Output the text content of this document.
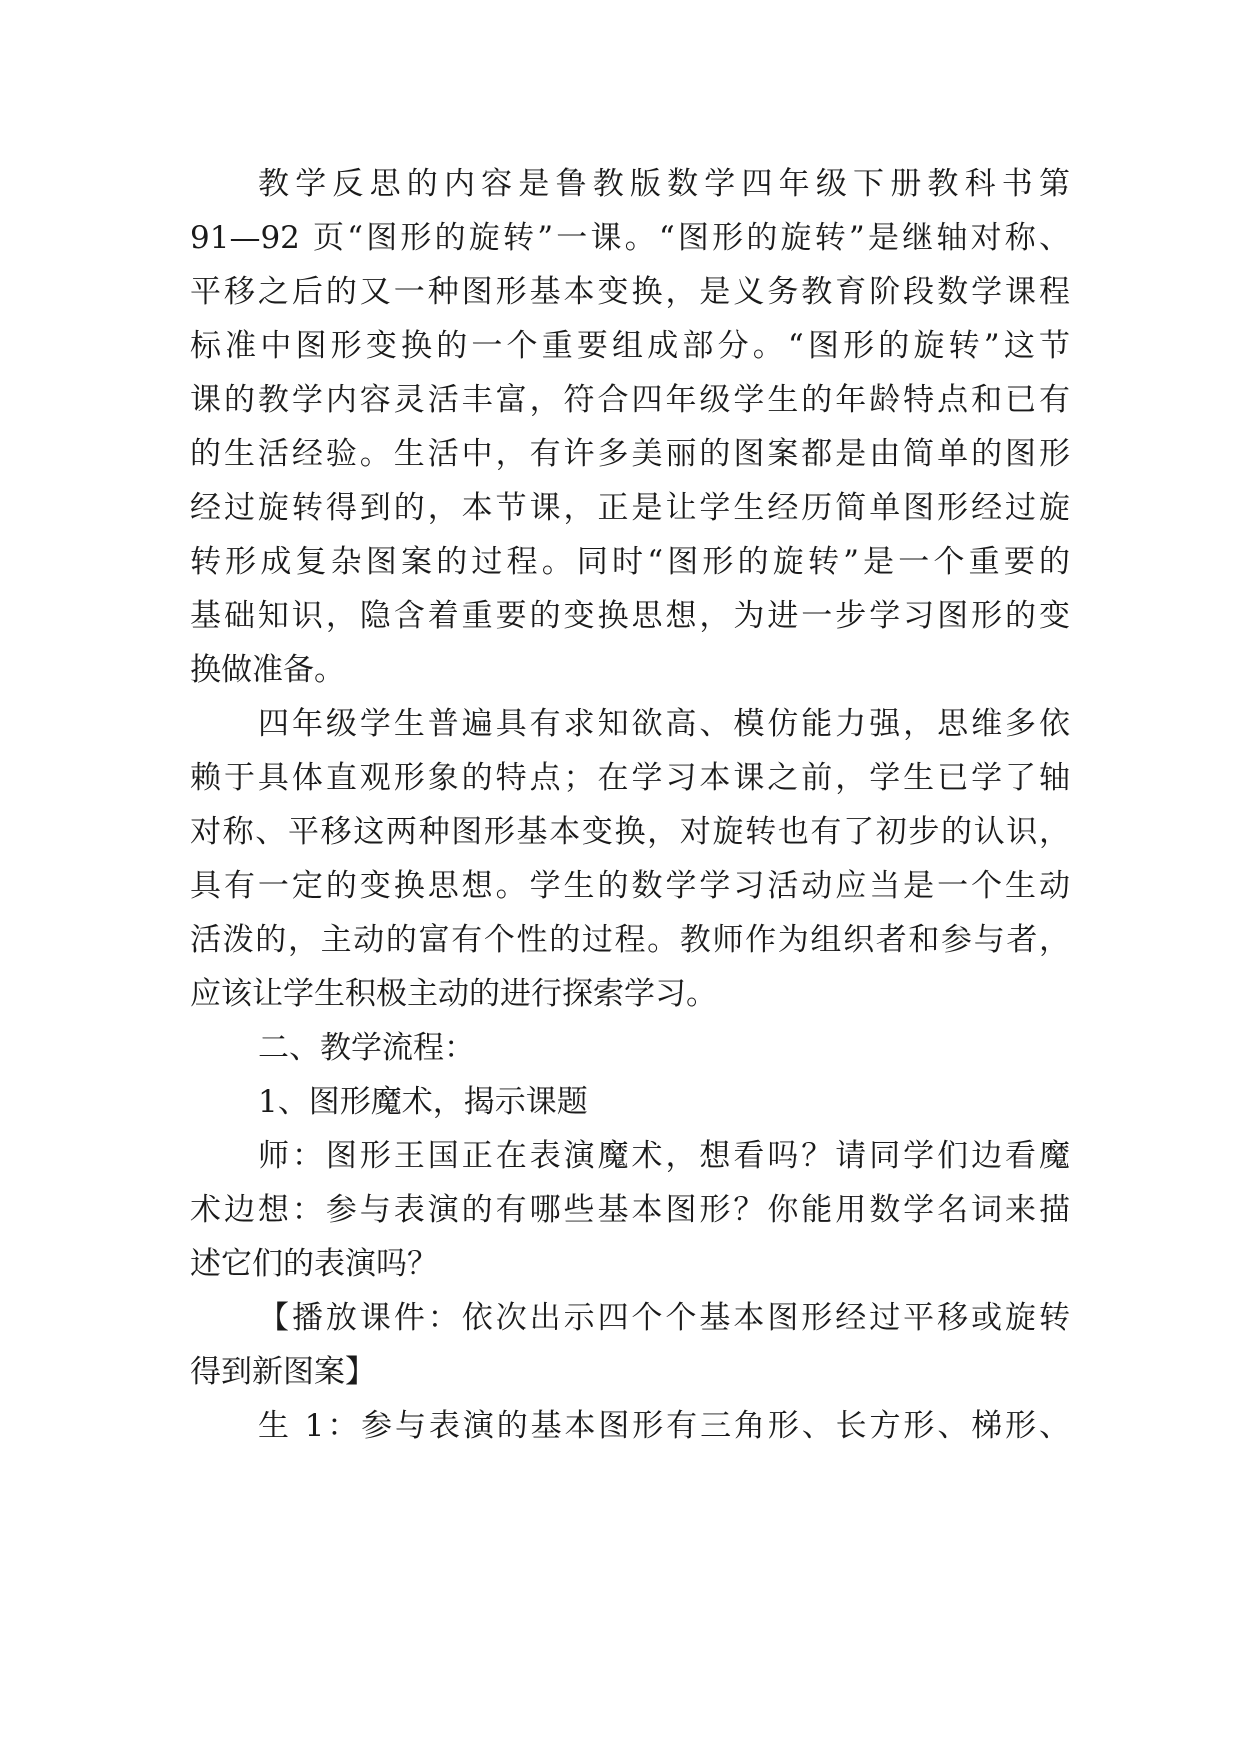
教学反思的内容是鲁教版数学四年级下册教科书第
91—92 页“图形的旋转”一课。“图形的旋转”是继轴对称、
平移之后的又一种图形基本变换，是义务教育阶段数学课程
标准中图形变换的一个重要组成部分。“图形的旋转”这节
课的教学内容灵活丰富，符合四年级学生的年龄特点和已有
的生活经验。生活中，有许多美丽的图案都是由简单的图形
经过旋转得到的，本节课，正是让学生经历简单图形经过旋
转形成复杂图案的过程。同时“图形的旋转”是一个重要的
基础知识，隐含着重要的变换思想，为进一步学习图形的变
换做准备。
四年级学生普遍具有求知欲高、模仿能力强，思维多依
赖于具体直观形象的特点；在学习本课之前，学生已学了轴
对称、平移这两种图形基本变换，对旋转也有了初步的认识，
具有一定的变换思想。学生的数学学习活动应当是一个生动
活泼的，主动的富有个性的过程。教师作为组织者和参与者，
应该让学生积极主动的进行探索学习。
二、教学流程：
1、图形魔术，揭示课题
师：图形王国正在表演魔术，想看吗？请同学们边看魔
术边想：参与表演的有哪些基本图形？你能用数学名词来描
述它们的表演吗？
【播放课件：依次出示四个个基本图形经过平移或旋转
得到新图案】
生 1：参与表演的基本图形有三角形、长方形、梯形、
